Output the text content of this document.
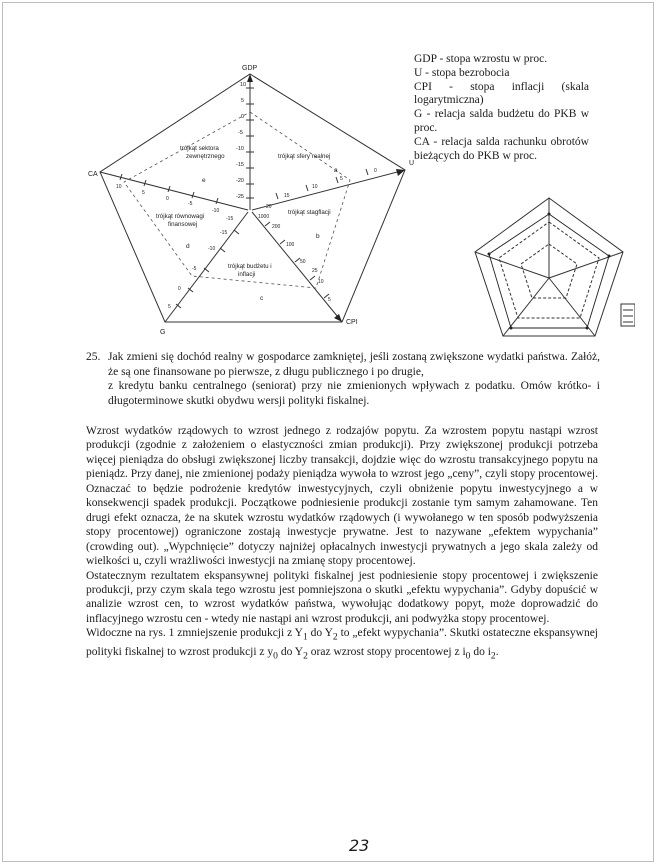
GDP
CA
G
CPI
U
10
5
0
-5
-10
-15
-20
-25
1000
200
100
50
25
10
5
20
15
10
5
0
10
5
0
-5
-10
-15
-15
-10
-5
0
5
trójkąt sektora
zewnętrznego	trójkąt sfery realnej
trójkąt równowagi
finansowej
trójkąt stagflacji
trójkąt budżetu i
inflacji
a
b
c
d
e
GDP - stopa wzrostu w proc.
U - stopa bezrobocia
CPI - stopa inflacji (skala logarytmiczna)
G - relacja salda budżetu do PKB w proc.
CA - relacja salda rachunku obrotów bieżących do PKB w proc.
25. Jak zmieni się dochód realny w gospodarce zamkniętej, jeśli zostaną zwiększone wydatki państwa. Załóż, że są one finansowane po pierwsze, z długu publicznego i po drugie,
z kredytu banku centralnego (seniorat) przy nie zmienionych wpływach z podatku. Omów krótko- i długoterminowe skutki obydwu wersji polityki fiskalnej.

Wzrost wydatków rządowych to wzrost jednego z rodzajów popytu. Za wzrostem popytu nastąpi wzrost produkcji (zgodnie z założeniem o elastyczności zmian produkcji). Przy zwiększonej produkcji potrzeba więcej pieniądza do obsługi zwiększonej liczby transakcji, dojdzie więc do wzrostu transakcyjnego popytu na pieniądz. Przy danej, nie zmienionej podaży pieniądza wywoła to wzrost jego „ceny”, czyli stopy procentowej. Oznaczać to będzie podrożenie kredytów inwestycyjnych, czyli obniżenie popytu inwestycyjnego a w konsekwencji spadek produkcji. Początkowe podniesienie produkcji zostanie tym samym zahamowane. Ten drugi efekt oznacza, że na skutek wzrostu wydatków rządowych (i wywołanego w ten sposób podwyższenia stopy procentowej) ograniczone zostają inwestycje prywatne. Jest to nazywane „efektem wypychania” (crowding out). „Wypchnięcie” dotyczy najniżej opłacalnych inwestycji prywatnych a jego skala zależy od wielkości u, czyli wrażliwości inwestycji na zmianę stopy procentowej.

Ostatecznym rezultatem ekspansywnej polityki fiskalnej jest podniesienie stopy procentowej i zwiększenie produkcji, przy czym skala tego wzrostu jest pomniejszona o skutki „efektu wypychania”. Gdyby dopuścić w analizie wzrost cen, to wzrost wydatków państwa, wywołując dodatkowy popyt, może doprowadzić do inflacyjnego wzrostu cen - wtedy nie nastąpi ani wzrost produkcji, ani podwyżka stopy procentowej.

Widoczne na rys. 1 zmniejszenie produkcji z $Y_1$ do $Y_2$ to „efekt wypychania”. Skutki ostateczne ekspansywnej polityki fiskalnej to wzrost produkcji z $y_0$ do $Y_2$ oraz wzrost stopy procentowej z $i_0$ do $i_2$.

23
